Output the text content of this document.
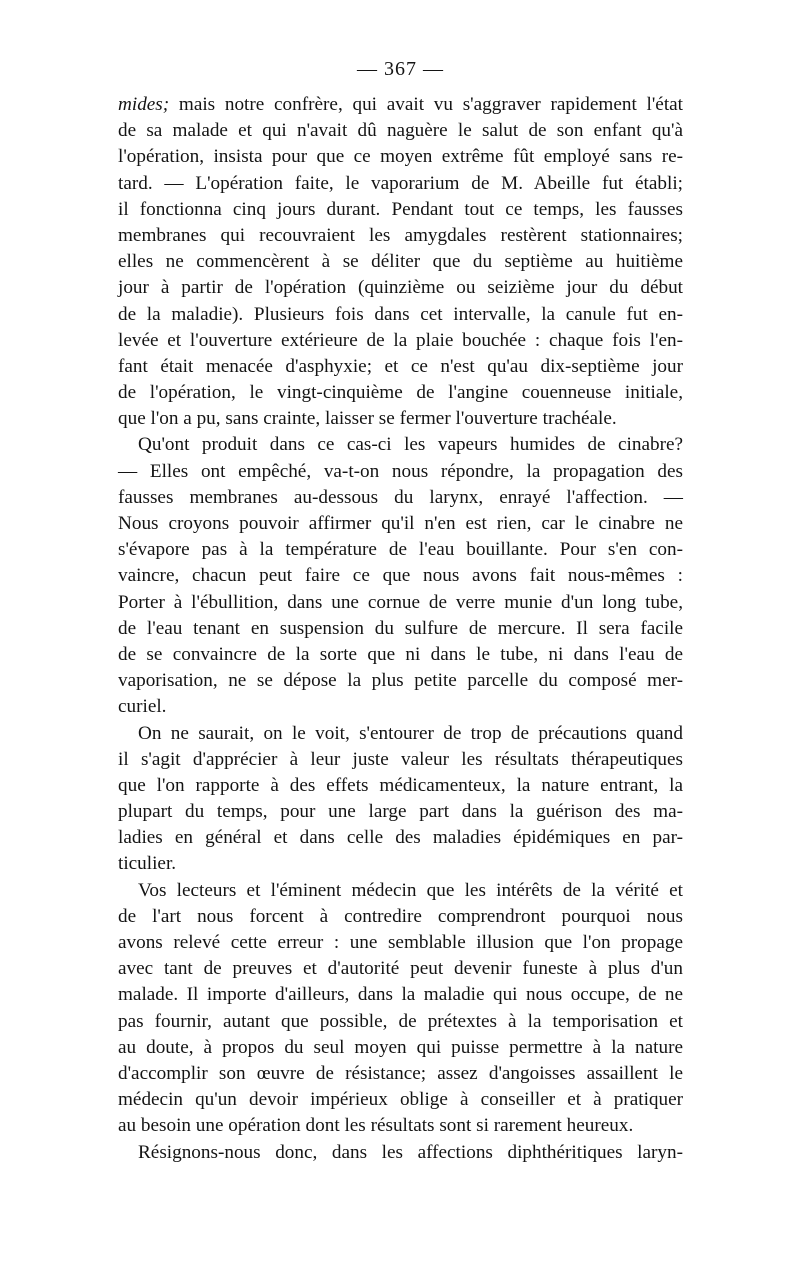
— 367 —
mides; mais notre confrère, qui avait vu s'aggraver rapidement l'état
de sa malade et qui n'avait dû naguère le salut de son enfant qu'à
l'opération, insista pour que ce moyen extrême fût employé sans re-
tard. — L'opération faite, le vaporarium de M. Abeille fut établi;
il fonctionna cinq jours durant. Pendant tout ce temps, les fausses
membranes qui recouvraient les amygdales restèrent stationnaires;
elles ne commencèrent à se déliter que du septième au huitième
jour à partir de l'opération (quinzième ou seizième jour du début
de la maladie). Plusieurs fois dans cet intervalle, la canule fut en-
levée et l'ouverture extérieure de la plaie bouchée : chaque fois l'en-
fant était menacée d'asphyxie; et ce n'est qu'au dix-septième jour
de l'opération, le vingt-cinquième de l'angine couenneuse initiale,
que l'on a pu, sans crainte, laisser se fermer l'ouverture trachéale.
Qu'ont produit dans ce cas-ci les vapeurs humides de cinabre?
— Elles ont empêché, va-t-on nous répondre, la propagation des
fausses membranes au-dessous du larynx, enrayé l'affection. —
Nous croyons pouvoir affirmer qu'il n'en est rien, car le cinabre ne
s'évapore pas à la température de l'eau bouillante. Pour s'en con-
vaincre, chacun peut faire ce que nous avons fait nous-mêmes :
Porter à l'ébullition, dans une cornue de verre munie d'un long tube,
de l'eau tenant en suspension du sulfure de mercure. Il sera facile
de se convaincre de la sorte que ni dans le tube, ni dans l'eau de
vaporisation, ne se dépose la plus petite parcelle du composé mer-
curiel.
On ne saurait, on le voit, s'entourer de trop de précautions quand
il s'agit d'apprécier à leur juste valeur les résultats thérapeutiques
que l'on rapporte à des effets médicamenteux, la nature entrant, la
plupart du temps, pour une large part dans la guérison des ma-
ladies en général et dans celle des maladies épidémiques en par-
ticulier.
Vos lecteurs et l'éminent médecin que les intérêts de la vérité et
de l'art nous forcent à contredire comprendront pourquoi nous
avons relevé cette erreur : une semblable illusion que l'on propage
avec tant de preuves et d'autorité peut devenir funeste à plus d'un
malade. Il importe d'ailleurs, dans la maladie qui nous occupe, de ne
pas fournir, autant que possible, de prétextes à la temporisation et
au doute, à propos du seul moyen qui puisse permettre à la nature
d'accomplir son œuvre de résistance; assez d'angoisses assaillent le
médecin qu'un devoir impérieux oblige à conseiller et à pratiquer
au besoin une opération dont les résultats sont si rarement heureux.
Résignons-nous donc, dans les affections diphthéritiques laryn-
